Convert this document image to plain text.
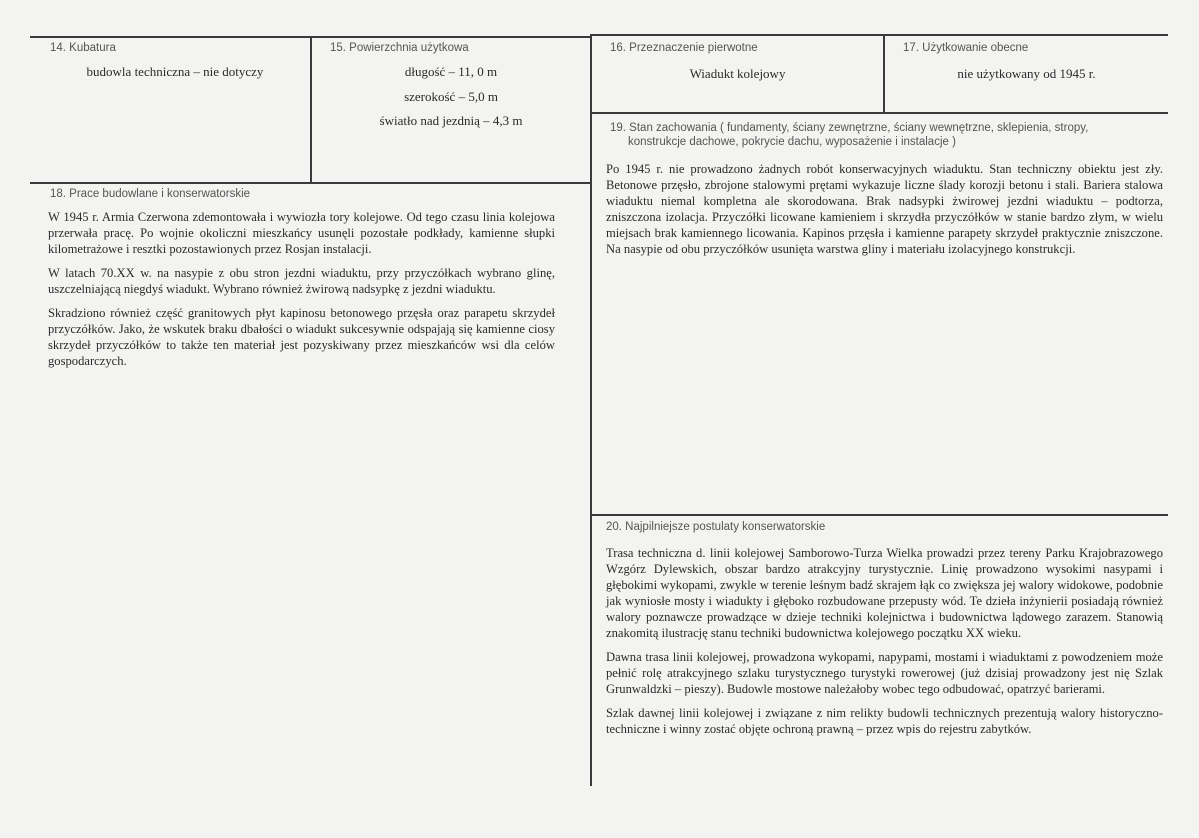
14. Kubatura
budowla techniczna – nie dotyczy
15. Powierzchnia użytkowa
długość – 11, 0 m
szerokość – 5,0 m
światło nad jezdnią – 4,3 m
16. Przeznaczenie pierwotne
Wiadukt kolejowy
17. Użytkowanie obecne
nie użytkowany od 1945 r.
18. Prace budowlane i konserwatorskie

W 1945 r. Armia Czerwona zdemontowała i wywiozła tory kolejowe. Od tego czasu linia kolejowa przerwała pracę. Po wojnie okoliczni mieszkańcy usunęli pozostałe podkłady, kamienne słupki kilometrażowe i resztki pozostawionych przez Rosjan instalacji.

W latach 70.XX w. na nasypie z obu stron jezdni wiaduktu, przy przyczółkach wybrano glinę, uszczelniającą niegdyś wiadukt. Wybrano również żwirową nadsypkę z jezdni wiaduktu.

Skradziono również część granitowych płyt kapinosu betonowego przęsła oraz parapetu skrzydeł przyczółków. Jako, że wskutek braku dbałości o wiadukt sukcesywnie odspajają się kamienne ciosy skrzydeł przyczółków to także ten materiał jest pozyskiwany przez mieszkańców wsi dla celów gospodarczych.

19. Stan zachowania ( fundamenty, ściany zewnętrzne, ściany wewnętrzne, sklepienia, stropy,
konstrukcje dachowe, pokrycie dachu, wyposażenie i instalacje )

Po 1945 r. nie prowadzono żadnych robót konserwacyjnych wiaduktu. Stan techniczny obiektu jest zły. Betonowe przęsło, zbrojone stalowymi prętami wykazuje liczne ślady korozji betonu i stali. Bariera stalowa wiaduktu niemal kompletna ale skorodowana. Brak nadsypki żwirowej jezdni wiaduktu – podtorza, zniszczona izolacja. Przyczółki licowane kamieniem i skrzydła przyczółków w stanie bardzo złym, w wielu miejsach brak kamiennego licowania. Kapinos przęsła i kamienne parapety skrzydeł praktycznie zniszczone. Na nasypie od obu przyczółków usunięta warstwa gliny i materiału izolacyjnego konstrukcji.

20. Najpilniejsze postulaty konserwatorskie

Trasa techniczna d. linii kolejowej Samborowo-Turza Wielka prowadzi przez tereny Parku Krajobrazowego Wzgórz Dylewskich, obszar bardzo atrakcyjny turystycznie. Linię prowadzono wysokimi nasypami i głębokimi wykopami, zwykle w terenie leśnym badź skrajem łąk co zwiększa jej walory widokowe, podobnie jak wyniosłe mosty i wiadukty i głęboko rozbudowane przepusty wód. Te dzieła inżynierii posiadają również walory poznawcze prowadzące w dzieje techniki kolejnictwa i budownictwa lądowego zarazem. Stanowią znakomitą ilustrację stanu techniki budownictwa kolejowego początku XX wieku.

Dawna trasa linii kolejowej, prowadzona wykopami, napypami, mostami i wiaduktami z powodzeniem może pełnić rolę atrakcyjnego szlaku turystycznego turystyki rowerowej (już dzisiaj prowadzony jest nię Szlak Grunwaldzki – pieszy). Budowle mostowe należałoby wobec tego odbudować, opatrzyć barierami.

Szlak dawnej linii kolejowej i związane z nim relikty budowli technicznych prezentują walory historyczno-techniczne i winny zostać objęte ochroną prawną – przez wpis do rejestru zabytków.
